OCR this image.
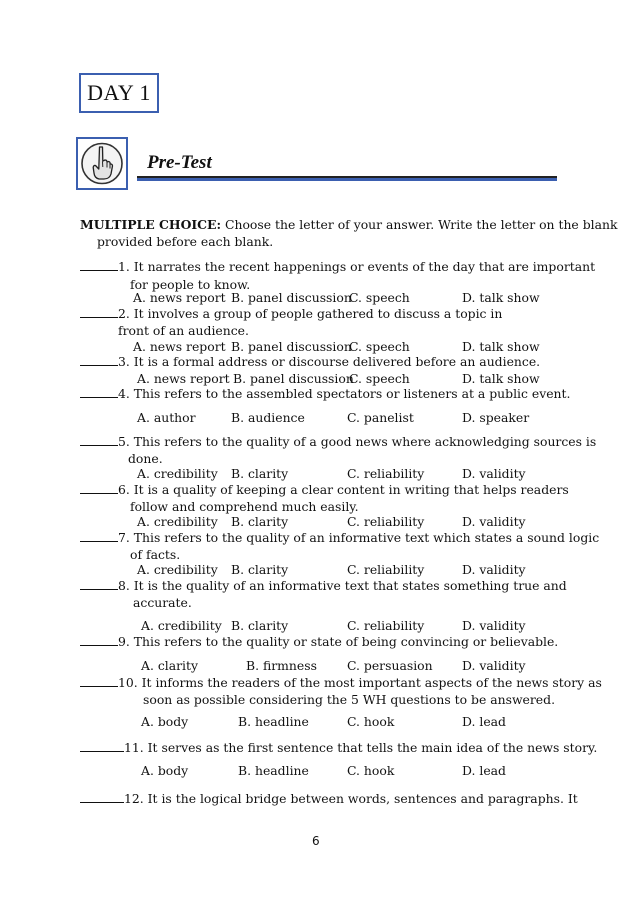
DAY 1
Pre-Test
MULTIPLE CHOICE: Choose the letter of your answer. Write the letter on the blank
provided before each blank.
1. It narrates the recent happenings or events of the day that are important
for people to know.
A. news report B. panel discussion
C. speech	D. talk show
2. It involves a group of people gathered to discuss a topic in
front of an audience.
A. news report B. panel discussion
C. speech	D. talk show
3. It is a formal address or discourse delivered before an audience.
A. news report B. panel discussion
C. speech	D. talk show
4. This refers to the assembled spectators or listeners at a public event.
A. author	B. audience	C. panelist	D. speaker
5. This refers to the quality of a good news where acknowledging sources is
done.
A. credibility B. clarity	C. reliability	D. validity
6. It is a quality of keeping a clear content in writing that helps readers
follow and comprehend much easily.
A. credibility B. clarity	C. reliability	D. validity
7. This refers to the quality of an informative text which states a sound logic
of facts.
A. credibility B. clarity	C. reliability	D. validity
8. It is the quality of an informative text that states something true and
accurate.
A. credibility B. clarity	C. reliability	D. validity
9. This refers to the quality or state of being convincing or believable.
A. clarity	B. firmness C. persuasion D. validity
10. It informs the readers of the most important aspects of the news story as
soon as possible considering the 5 WH questions to be answered.
A. body	B. headline	C. hook	D. lead
11. It serves as the first sentence that tells the main idea of the news story.
A. body	B. headline	C. hook	D. lead
12. It is the logical bridge between words, sentences and paragraphs. It
6
